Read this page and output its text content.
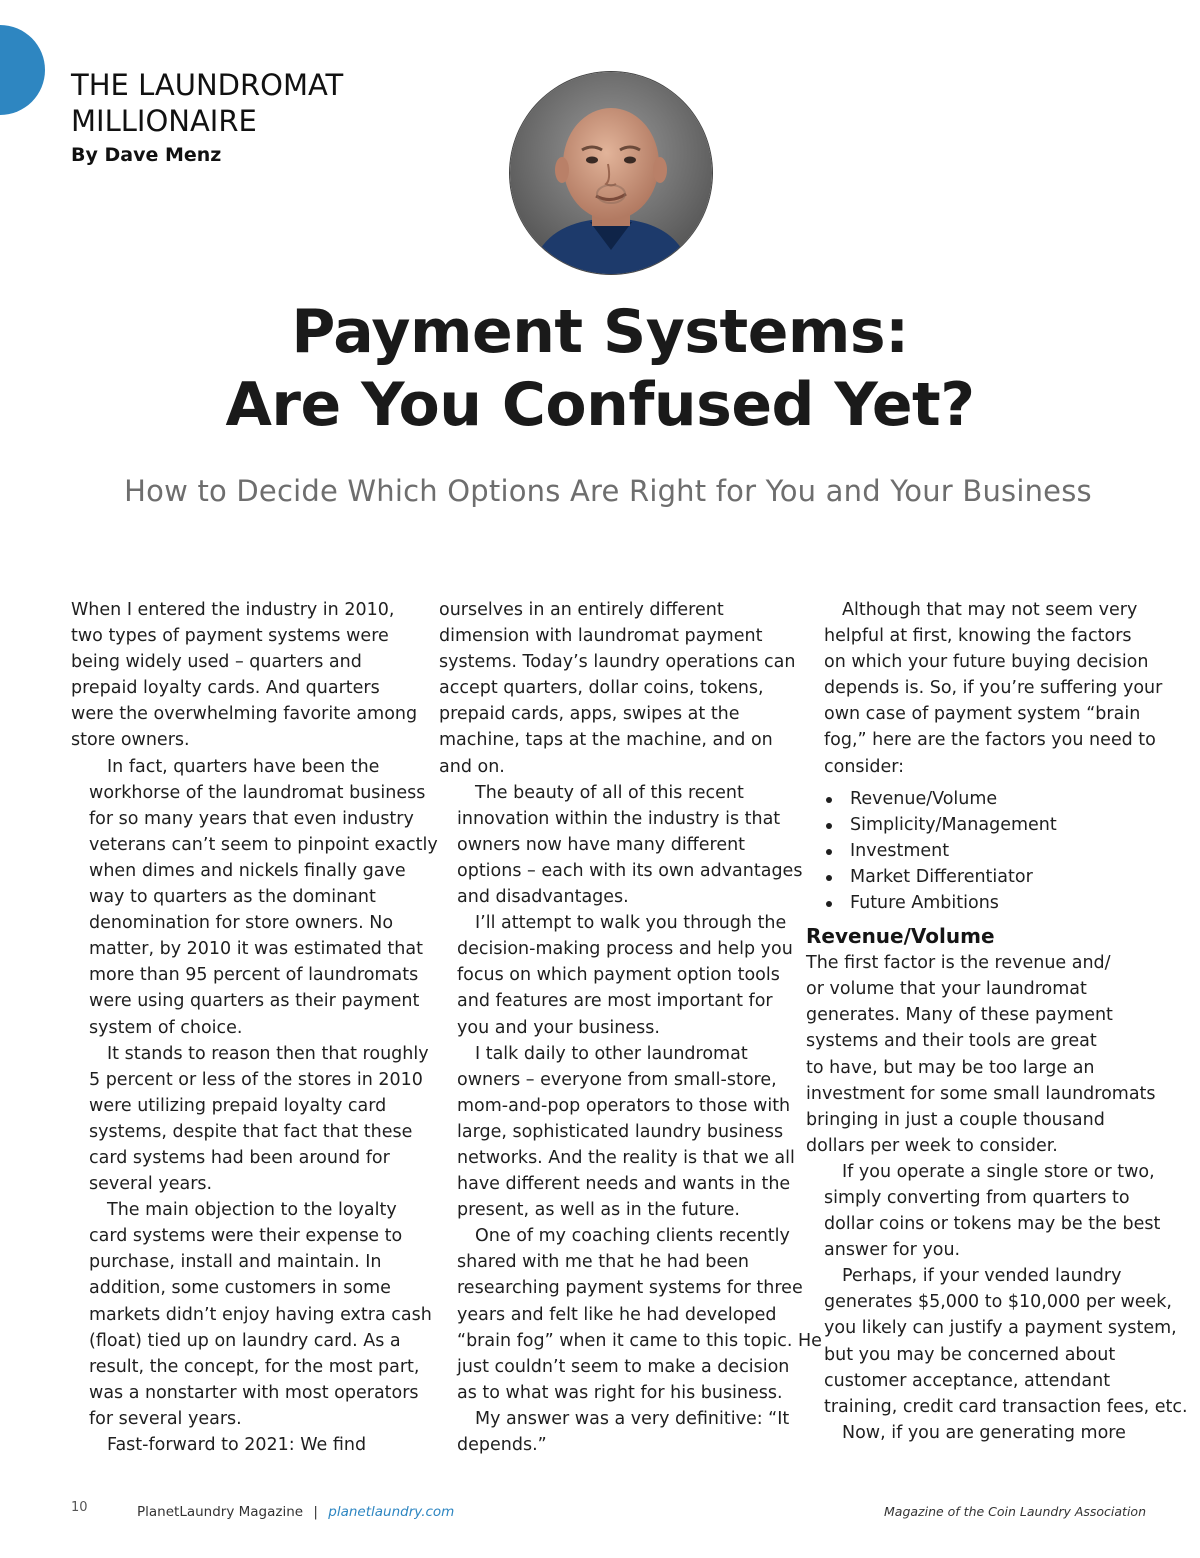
THE LAUNDROMAT
MILLIONAIRE
By Dave Menz
Payment Systems:
Are You Confused Yet?
How to Decide Which Options Are Right for You and Your Business

When I entered the industry in 2010,
two types of payment systems were
being widely used – quarters and
prepaid loyalty cards. And quarters
were the overwhelming favorite among
store owners.

In fact, quarters have been the
workhorse of the laundromat business
for so many years that even industry
veterans can’t seem to pinpoint exactly
when dimes and nickels finally gave
way to quarters as the dominant
denomination for store owners. No
matter, by 2010 it was estimated that
more than 95 percent of laundromats
were using quarters as their payment
system of choice.

It stands to reason then that roughly
5 percent or less of the stores in 2010
were utilizing prepaid loyalty card
systems, despite that fact that these
card systems had been around for
several years.

The main objection to the loyalty
card systems were their expense to
purchase, install and maintain. In
addition, some customers in some
markets didn’t enjoy having extra cash
(float) tied up on laundry card. As a
result, the concept, for the most part,
was a nonstarter with most operators
for several years.

Fast-forward to 2021: We find

ourselves in an entirely different
dimension with laundromat payment
systems. Today’s laundry operations can
accept quarters, dollar coins, tokens,
prepaid cards, apps, swipes at the
machine, taps at the machine, and on
and on.

The beauty of all of this recent
innovation within the industry is that
owners now have many different
options – each with its own advantages
and disadvantages.

I’ll attempt to walk you through the
decision-making process and help you
focus on which payment option tools
and features are most important for
you and your business.

I talk daily to other laundromat
owners – everyone from small-store,
mom-and-pop operators to those with
large, sophisticated laundry business
networks. And the reality is that we all
have different needs and wants in the
present, as well as in the future.

One of my coaching clients recently
shared with me that he had been
researching payment systems for three
years and felt like he had developed
“brain fog” when it came to this topic. He
just couldn’t seem to make a decision
as to what was right for his business.

My answer was a very definitive: “It
depends.”

Although that may not seem very
helpful at first, knowing the factors
on which your future buying decision
depends is. So, if you’re suffering your
own case of payment system “brain
fog,” here are the factors you need to
consider:

Revenue/Volume
Simplicity/Management
Investment
Market Differentiator
Future Ambitions
Revenue/Volume

The first factor is the revenue and/
or volume that your laundromat
generates. Many of these payment
systems and their tools are great
to have, but may be too large an
investment for some small laundromats
bringing in just a couple thousand
dollars per week to consider.

If you operate a single store or two,
simply converting from quarters to
dollar coins or tokens may be the best
answer for you.

Perhaps, if your vended laundry
generates $5,000 to $10,000 per week,
you likely can justify a payment system,
but you may be concerned about
customer acceptance, attendant
training, credit card transaction fees, etc.

Now, if you are generating more

10	PlanetLaundry Magazine | planetlaundry.com	Magazine of the Coin Laundry Association
